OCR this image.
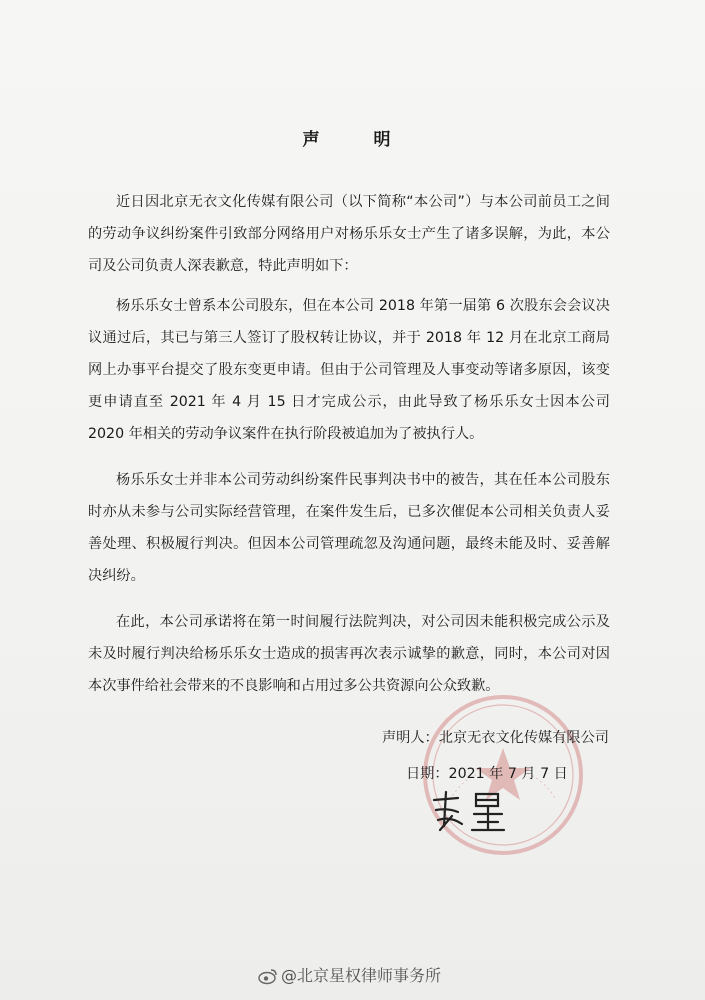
声 明

近日因北京无衣文化传媒有限公司（以下简称“本公司”）与本公司前员工之间的劳动争议纠纷案件引致部分网络用户对杨乐乐女士产生了诸多误解，为此，本公司及公司负责人深表歉意，特此声明如下：

杨乐乐女士曾系本公司股东，但在本公司 2018 年第一届第 6 次股东会会议决议通过后，其已与第三人签订了股权转让协议，并于 2018 年 12 月在北京工商局网上办事平台提交了股东变更申请。但由于公司管理及人事变动等诸多原因，该变更申请直至 2021 年 4 月 15 日才完成公示，由此导致了杨乐乐女士因本公司 2020 年相关的劳动争议案件在执行阶段被追加为了被执行人。

杨乐乐女士并非本公司劳动纠纷案件民事判决书中的被告，其在任本公司股东时亦从未参与公司实际经营管理，在案件发生后，已多次催促本公司相关负责人妥善处理、积极履行判决。但因本公司管理疏忽及沟通问题，最终未能及时、妥善解决纠纷。

在此，本公司承诺将在第一时间履行法院判决，对公司因未能积极完成公示及未及时履行判决给杨乐乐女士造成的损害再次表示诚挚的歉意，同时，本公司对因本次事件给社会带来的不良影响和占用过多公共资源向公众致歉。

声明人：北京无衣文化传媒有限公司
日期：2021 年 7 月 7 日
@北京星权律师事务所
